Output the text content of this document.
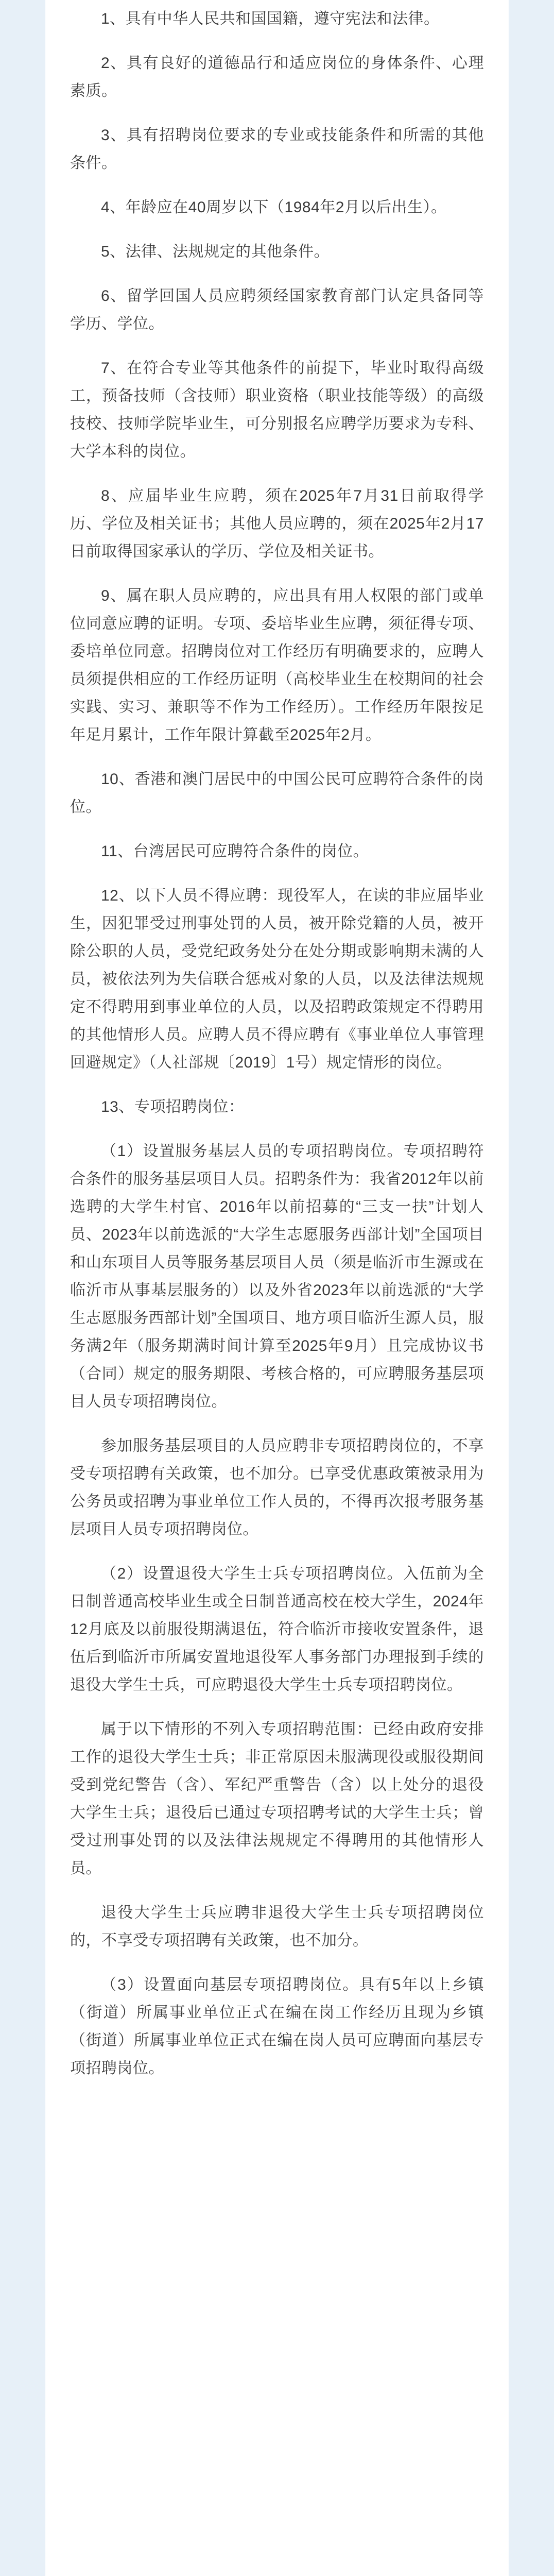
1、具有中华人民共和国国籍，遵守宪法和法律。

2、具有良好的道德品行和适应岗位的身体条件、心理素质。

3、具有招聘岗位要求的专业或技能条件和所需的其他条件。

4、年龄应在40周岁以下（1984年2月以后出生）。

5、法律、法规规定的其他条件。

6、留学回国人员应聘须经国家教育部门认定具备同等学历、学位。

7、在符合专业等其他条件的前提下，毕业时取得高级工，预备技师（含技师）职业资格（职业技能等级）的高级技校、技师学院毕业生，可分别报名应聘学历要求为专科、大学本科的岗位。

8、应届毕业生应聘，须在2025年7月31日前取得学历、学位及相关证书；其他人员应聘的，须在2025年2月17日前取得国家承认的学历、学位及相关证书。

9、属在职人员应聘的，应出具有用人权限的部门或单位同意应聘的证明。专项、委培毕业生应聘，须征得专项、委培单位同意。招聘岗位对工作经历有明确要求的，应聘人员须提供相应的工作经历证明（高校毕业生在校期间的社会实践、实习、兼职等不作为工作经历）。工作经历年限按足年足月累计，工作年限计算截至2025年2月。

10、香港和澳门居民中的中国公民可应聘符合条件的岗位。

11、台湾居民可应聘符合条件的岗位。

12、以下人员不得应聘：现役军人，在读的非应届毕业生，因犯罪受过刑事处罚的人员，被开除党籍的人员，被开除公职的人员，受党纪政务处分在处分期或影响期未满的人员，被依法列为失信联合惩戒对象的人员，以及法律法规规定不得聘用到事业单位的人员，以及招聘政策规定不得聘用的其他情形人员。应聘人员不得应聘有《事业单位人事管理回避规定》（人社部规〔2019〕1号）规定情形的岗位。

13、专项招聘岗位：

（1）设置服务基层人员的专项招聘岗位。专项招聘符合条件的服务基层项目人员。招聘条件为：我省2012年以前选聘的大学生村官、2016年以前招募的“三支一扶”计划人员、2023年以前选派的“大学生志愿服务西部计划”全国项目和山东项目人员等服务基层项目人员（须是临沂市生源或在临沂市从事基层服务的）以及外省2023年以前选派的“大学生志愿服务西部计划”全国项目、地方项目临沂生源人员，服务满2年（服务期满时间计算至2025年9月）且完成协议书（合同）规定的服务期限、考核合格的，可应聘服务基层项目人员专项招聘岗位。

参加服务基层项目的人员应聘非专项招聘岗位的，不享受专项招聘有关政策，也不加分。已享受优惠政策被录用为公务员或招聘为事业单位工作人员的，不得再次报考服务基层项目人员专项招聘岗位。

（2）设置退役大学生士兵专项招聘岗位。入伍前为全日制普通高校毕业生或全日制普通高校在校大学生，2024年12月底及以前服役期满退伍，符合临沂市接收安置条件，退伍后到临沂市所属安置地退役军人事务部门办理报到手续的退役大学生士兵，可应聘退役大学生士兵专项招聘岗位。

属于以下情形的不列入专项招聘范围：已经由政府安排工作的退役大学生士兵；非正常原因未服满现役或服役期间受到党纪警告（含）、军纪严重警告（含）以上处分的退役大学生士兵；退役后已通过专项招聘考试的大学生士兵；曾受过刑事处罚的以及法律法规规定不得聘用的其他情形人员。

退役大学生士兵应聘非退役大学生士兵专项招聘岗位的，不享受专项招聘有关政策，也不加分。

（3）设置面向基层专项招聘岗位。具有5年以上乡镇（街道）所属事业单位正式在编在岗工作经历且现为乡镇（街道）所属事业单位正式在编在岗人员可应聘面向基层专项招聘岗位。
